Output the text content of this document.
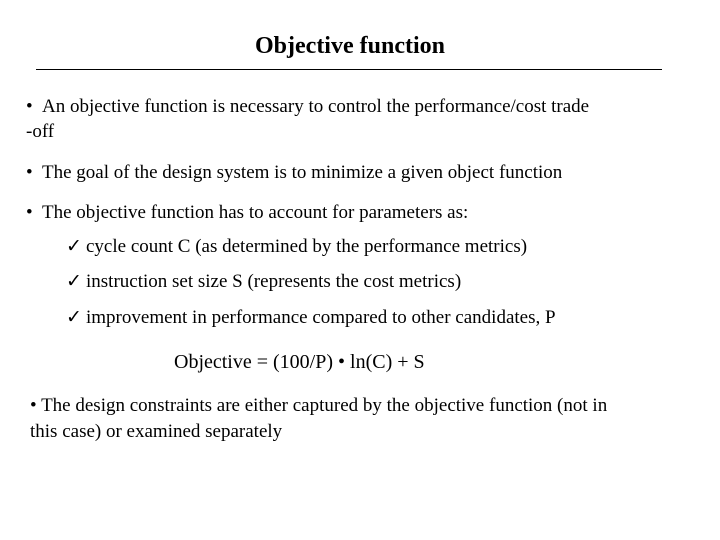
Objective function
• An objective function is necessary to control the performance/cost trade
-off
• The goal of the design system is to minimize a given object function
• The objective function has to account for parameters as:
✓ cycle count C (as determined by the performance metrics)
✓ instruction set size S (represents the cost metrics)
✓ improvement in performance compared to other candidates, P
Objective = (100/P) • ln(C) + S
• The design constraints are either captured by the objective function (not in
this case) or examined separately
